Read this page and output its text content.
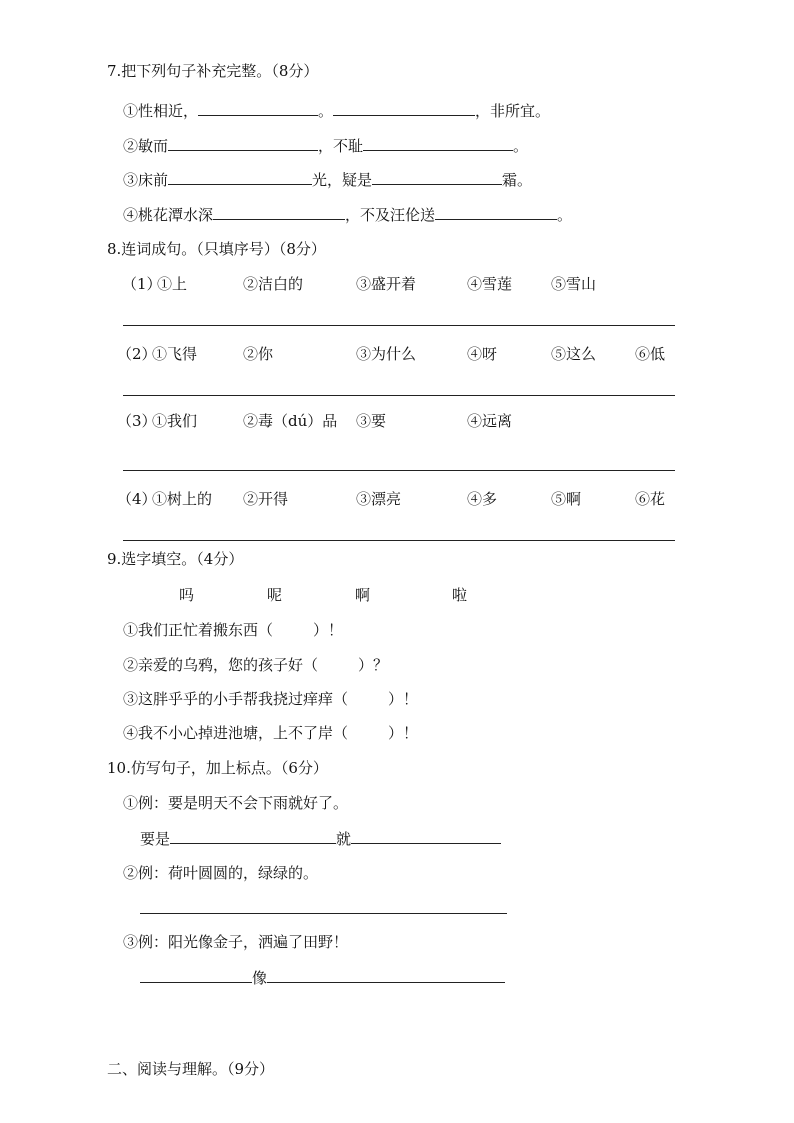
7.把下列句子补充完整。（8分）
①性相近，	。	，非所宜。
②敏而	，不耻	。
③床前	光，疑是	霜。
④桃花潭水深	，不及汪伦送	。
8.连词成句。（只填序号）（8分）
（1）
①上	②洁白的	③盛开着	④雪莲	⑤雪山
（2）
①飞得	②你	③为什么	④呀	⑤这么	⑥低
（3）
①我们	②毒（dú）品 ③要	④远离
（4）
①树上的 ②开得	③漂亮	④多	⑤啊	⑥花
9.选字填空。（4分）
吗	呢	啊	啦
①我们正忙着搬东西（	）！
②亲爱的乌鸦，您的孩子好（	）？
③这胖乎乎的小手帮我挠过痒痒（	）！
④我不小心掉进池塘，上不了岸（	）！
10.仿写句子，加上标点。（6分）
①例：要是明天不会下雨就好了。
要是	就
②例：荷叶圆圆的，绿绿的。
③例：阳光像金子，洒遍了田野！
像
二、阅读与理解。（9分）
